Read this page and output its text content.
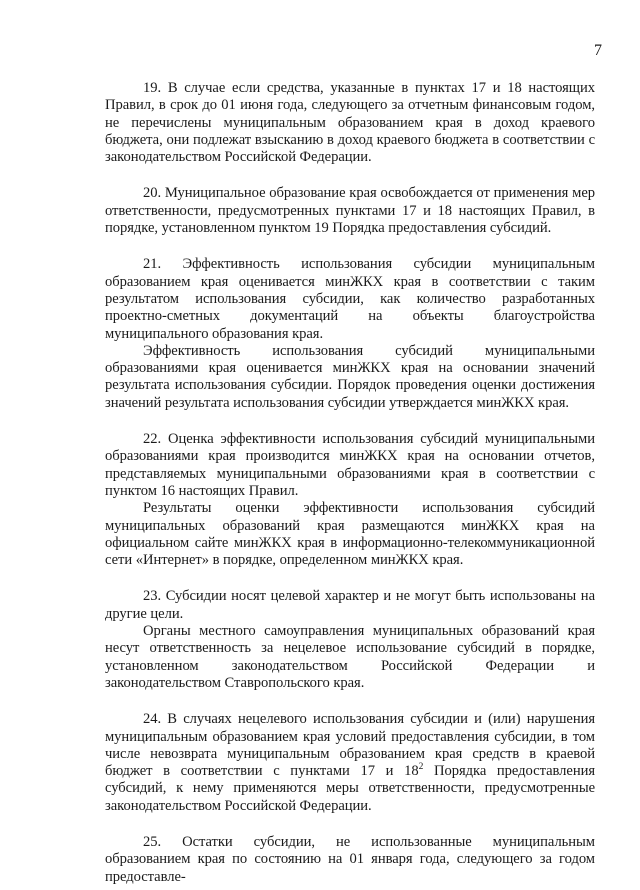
7

19. В случае если средства, указанные в пунктах 17 и 18 настоящих Правил, в срок до 01 июня года, следующего за отчетным финансовым годом, не перечислены муниципальным образованием края в доход краевого бюджета, они подлежат взысканию в доход краевого бюджета в соответствии с законодательством Российской Федерации.

20. Муниципальное образование края освобождается от применения мер ответственности, предусмотренных пунктами 17 и 18 настоящих Правил, в порядке, установленном пунктом 19 Порядка предоставления субсидий.

21. Эффективность использования субсидии муниципальным образованием края оценивается минЖКХ края в соответствии с таким результатом использования субсидии, как количество разработанных проектно-сметных документаций на объекты благоустройства муниципального образования края.

Эффективность использования субсидий муниципальными образованиями края оценивается минЖКХ края на основании значений результата использования субсидии. Порядок проведения оценки достижения значений результата использования субсидии утверждается минЖКХ края.

22. Оценка эффективности использования субсидий муниципальными образованиями края производится минЖКХ края на основании отчетов, представляемых муниципальными образованиями края в соответствии с пунктом 16 настоящих Правил.

Результаты оценки эффективности использования субсидий муниципальных образований края размещаются минЖКХ края на официальном сайте минЖКХ края в информационно-телекоммуникационной сети «Интернет» в порядке, определенном минЖКХ края.

23. Субсидии носят целевой характер и не могут быть использованы на другие цели.

Органы местного самоуправления муниципальных образований края несут ответственность за нецелевое использование субсидий в порядке, установленном законодательством Российской Федерации и законодательством Ставропольского края.

24. В случаях нецелевого использования субсидии и (или) нарушения муниципальным образованием края условий предоставления субсидии, в том числе невозврата муниципальным образованием края средств в краевой бюджет в соответствии с пунктами 17 и $18^2$ Порядка предоставления субсидий, к нему применяются меры ответственности, предусмотренные законодательством Российской Федерации.

25. Остатки субсидии, не использованные муниципальным образованием края по состоянию на 01 января года, следующего за годом предоставле-
